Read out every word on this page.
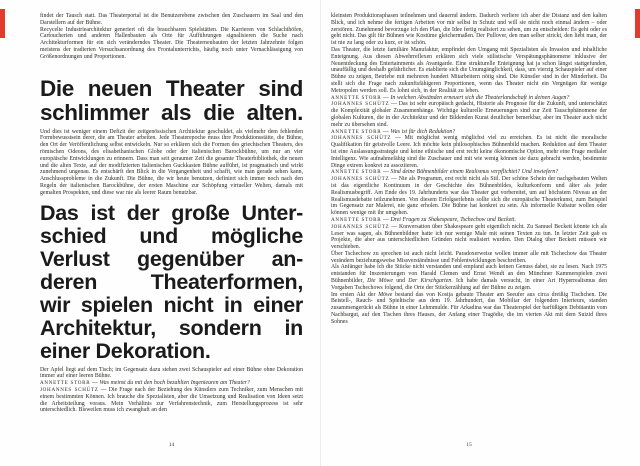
findet der Tausch statt. Das Theaterportal ist die Benutzerebene zwischen den Zuschauern im Saal und den Darstellern auf der Bühne.

Recycelte Industriearchitektur generiert oft die brauchbaren Spielstätten. Die Karrieren von Schlachthöfen, Cartoucherien und anderen Hallenbauten als Orte für Aufführungen signalisieren die Suche nach Architekturformen für ein sich veränderndes Theater. Die Theaterneubauten der letzten Jahrzehnte folgen meistens der tradierten Versuchsanordnung des Frontalunterrichts, häufig noch unter Vernachlässigung von Größenordnungen und Proportionen.

Die neuen Theater sind
schlimmer als die alten.

Und dies ist weniger einem Defizit der zeitgenössischen Architektur geschuldet, als vielmehr dem fehlenden Formbewusstsein derer, die am Theater arbeiten. Jede Theaterepoche muss ihre Produktionsstätte, die Bühne, den Ort der Veröffentlichung selbst entwickeln. Nur so erklären sich die Formen des griechischen Theaters, des römischen Odeons, des elisabethanischen Globe oder der italienischen Barockbühne, um nur an vier europäische Entwicklungen zu erinnern. Dass man seit geraumer Zeit die gesamte Theaterbibliothek, die neuen und die alten Texte, auf der modifizierten italienischen Guckkasten Bühne aufführt, ist pragmatisch und wirkt zunehmend ungenau. Es entschärft den Blick in die Vergangenheit und schafft, wie man gerade sehen kann, Anschlussprobleme in die Zukunft. Die Bühne, die wir heute benutzen, definiert sich immer noch nach den Regeln der italienischen Barockbühne, der ersten Maschine zur Schöpfung virtueller Welten, damals mit gemalten Prospekten, und diese war nie als leerer Raum benutzbar.

Das ist der große Unter-
schied und mögliche
Verlust gegenüber an-
deren Theaterformen,
wir spielen nicht in einer
Architektur, sondern in
einer Dekoration.

Der Apfel liegt auf dem Tisch; im Gegensatz dazu stehen zwei Schauspieler auf einer Bühne ohne Dekoration immer auf einer leeren Bühne.

ANNETTE STORR — Was meinst du mit den hoch bezahlten Ingenieuren am Theater?

JOHANNES SCHÜTZ — Die Frage nach der Beziehung des Künstlers zum Techniker, zum Menschen mit einem bestimmten Können. Ich brauche die Spezialisten, aber die Umsetzung und Realisation von Ideen setzt die Arbeitsteilung voraus. Mein Verhältnis zur Verfahrenstechnik, zum Herstellungsprozess ist sehr unterschiedlich. Bisweilen muss ich zwanghaft an den

kleinsten Produktionsphasen teilnehmen und dauernd ändern. Dadurch verliere ich aber die Distanz und den kalten Blick, und ich nehme die fertigen Arbeiten vor mir selbst in Schutz und will sie nicht noch einmal ändern – oder zerstören. Zunehmend bevorzuge ich den Plan, die Idee fertig realisiert zu sehen, um zu entscheiden: Es geht oder es geht nicht. Das gilt für Bühnen wie Kostüme gleichermaßen. Der Pullover, den man selber strickt, den liebt man, der ist nie zu lang oder zu kurz, er ist schön.

Das Theater, die letzte familiäre Manufaktur, empfindet den Umgang mit Spezialisten als Invasion und inhaltliche Enteignung. Aus diesen Abwehrreflexen erklären sich viele stilistische Verspätungsphänomene inklusive der Neuentdeckung des Entertainments als Avantgarde. Eine strukturelle Enteignung hat ja schon längst stattgefunden, unauffällig und deshalb gefährlicher. Es etablierte sich die Unumgänglichkeit, dass, um vierzig Schauspieler auf einer Bühne zu zeigen, Betriebe mit mehreren hundert Mitarbeitern nötig sind. Die Künstler sind in der Minderheit. Da stellt sich die Frage nach zukunftsfähigeren Proportionen, wenn das Theater nicht ein Vergnügen für wenige Metropolen werden soll. Es lohnt sich, in der Realität zu leben.

ANNETTE STORR — In welchen Abständen erneuert sich die Theaterlandschaft in deinen Augen?

JOHANNES SCHÜTZ — Das ist sehr europäisch gedacht, Historie als Prognose für die Zukunft, und unterschätzt die Komplexität globaler Zusammenhänge. Wichtige kulturelle Erneuerungen sind zur Zeit Tauschphänomene der globalen Kulturen, die in der Architektur und der Bildenden Kunst deutlicher bemerkbar, aber im Theater auch nicht mehr zu übersehen sind.

ANNETTE STORR — Was ist für dich Reduktion?

JOHANNES SCHÜTZ — Mit möglichst wenig möglichst viel zu erreichen. Es ist nicht die moralische Qualifikation für geistvolle Leere. Ich möchte kein philosophisches Bühnenbild machen. Reduktion auf dem Theater ist eine Auslassungsstrategie und keine ethische und erst recht keine ökonomische Option, mehr eine Frage medialer Intelligenz. Wie aufnahmefähig sind die Zuschauer und mit wie wenig können sie dazu gebracht werden, bestimmte Dinge extrem konkret zu assoziieren.

ANNETTE STORR — Sind deine Bühnenbilder einem Realismus verpflichtet? Und inwiefern?

JOHANNES SCHÜTZ — Nie als Programm, erst recht nicht als Stil. Der schöne Schein der nachgebauten Welten ist das eigentliche Kontinuum in der Geschichte des Bühnenbildes, kulturkonform und älter als jeder Realismusbegriff. Am Ende des 19. Jahrhunderts war das Theater gut vorbereitet, um auf höchstem Niveau an der Realismusdebatte teilzunehmen. Von diesem Erfolgserlebnis sollte sich die europäische Theaterkunst, zum Beispiel im Gegensatz zur Malerei, nie ganz erholen. Die Bühne hat konkret zu sein. Als informelle Kubatur wollen oder können wenige mit ihr umgehen.

ANNETTE STORR — Drei Fragen zu Shakespeare, Tschechow und Beckett.

JOHANNES SCHÜTZ — Konversation über Shakespeare geht eigentlich nicht. Zu Samuel Beckett könnte ich als Leser was sagen, als Bühnenbildner hatte ich nur wenige Male mit seinen Texten zu tun. In letzter Zeit gab es Projekte, die aber aus unterschiedlichen Gründen nicht realisiert wurden. Den Dialog über Beckett müssen wir verschieben.

Über Tschechow zu sprechen ist auch nicht leicht. Paradoxerweise wollen immer alle mit Tschechow das Theater verändern beziehungsweise Missverständnisse und Fehlentwicklungen beschreiben.

Als Anfänger habe ich die Stücke nicht verstanden und empfand auch keinen Genuss dabei, sie zu lesen. Nach 1975 entstanden für Inszenierungen von Harald Clemen und Ernst Wendt an den Münchner Kammerspielen zwei Bühnenbilder, Die Möwe und Der Kirschgarten. Ich habe damals versucht, in einer Art Hyperrealismus den Vorgaben Tschechows folgend, die Orte der Stückerzählung auf der Bühne zu zeigen.

Im ersten Akt der Möwe bestand das von Kostja gebaute Theater am Seeufer aus circa dreißig Tischchen. Die Beistell-, Rauch- und Spieltische aus dem 19. Jahrhundert, das Mobiliar der folgenden Interieurs, standen zusammengerückt als Bühne in einer Lehmmulde. Für Arkadina war das Theaterspiel der barfüßigen Debütantin vom Nachbargut, auf den Tischen ihres Hauses, der Anfang einer Tragödie, die im vierten Akt mit dem Suizid ihres Sohnes

14	15
